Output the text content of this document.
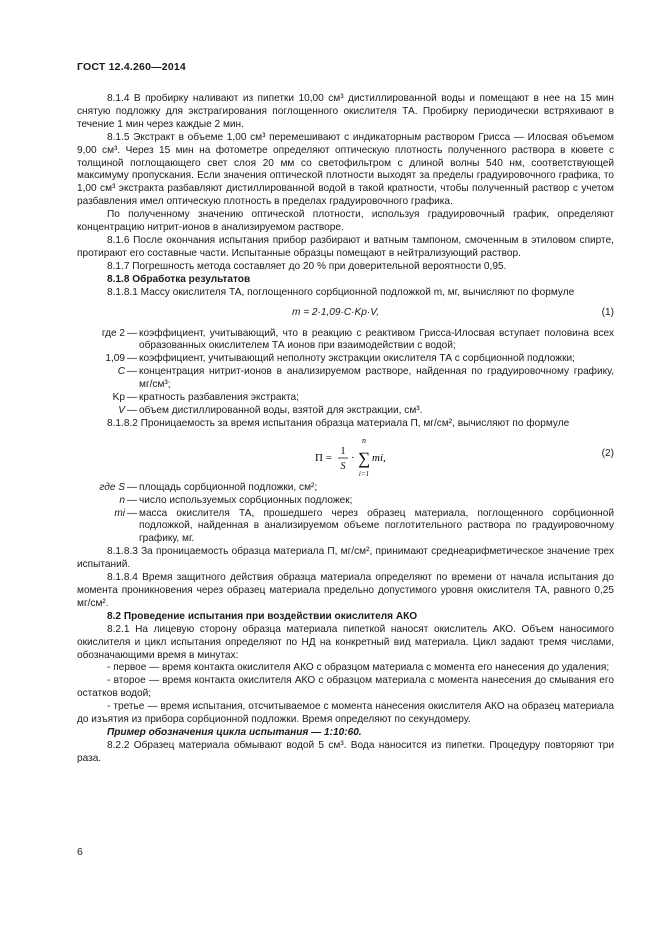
ГОСТ 12.4.260—2014

8.1.4 В пробирку наливают из пипетки 10,00 см³ дистиллированной воды и помещают в нее на 15 мин снятую подложку для экстрагирования поглощенного окислителя ТА. Пробирку периодически встряхивают в течение 1 мин через каждые 2 мин.

8.1.5 Экстракт в объеме 1,00 см³ перемешивают с индикаторным раствором Грисса — Илосвая объемом 9,00 см³. Через 15 мин на фотометре определяют оптическую плотность полученного раствора в кювете с толщиной поглощающего свет слоя 20 мм со светофильтром с длиной волны 540 нм, соответствующей максимуму пропускания. Если значения оптической плотности выходят за пределы градуировочного графика, то 1,00 см³ экстракта разбавляют дистиллированной водой в такой кратности, чтобы полученный раствор с учетом разбавления имел оптическую плотность в пределах градуировочного графика.

По полученному значению оптической плотности, используя градуировочный график, определяют концентрацию нитрит-ионов в анализируемом растворе.

8.1.6 После окончания испытания прибор разбирают и ватным тампоном, смоченным в этиловом спирте, протирают его составные части. Испытанные образцы помещают в нейтрализующий раствор.

8.1.7 Погрешность метода составляет до 20 % при доверительной вероятности 0,95.

8.1.8 Обработка результатов

8.1.8.1 Массу окислителя ТА, поглощенного сорбционной подложкой m, мг, вычисляют по формуле

m = 2·1,09·C·Kр·V,	(1)
где 2 — коэффициент, учитывающий, что в реакцию с реактивом Грисса-Илосвая вступает половина всех образованных окислителем ТА ионов при взаимодействии с водой;
1,09 — коэффициент, учитывающий неполноту экстракции окислителя ТА с сорбционной подложки;
C — концентрация нитрит-ионов в анализируемом растворе, найденная по градуировочному графику, мг/см³;
Kр — кратность разбавления экстракта;
V — объем дистиллированной воды, взятой для экстракции, см³.

8.1.8.2 Проницаемость за время испытания образца материала П, мг/см², вычисляют по формуле

П =
1
S
·
n
∑
i=1
mi,	(2)
где S — площадь сорбционной подложки, см²;
n — число используемых сорбционных подложек;
mi — масса окислителя ТА, прошедшего через образец материала, поглощенного сорбционной подложкой, найденная в анализируемом объеме поглотительного раствора по градуировочному графику, мг.

8.1.8.3 За проницаемость образца материала П, мг/см², принимают среднеарифметическое значение трех испытаний.

8.1.8.4 Время защитного действия образца материала определяют по времени от начала испытания до момента проникновения через образец материала предельно допустимого уровня окислителя ТА, равного 0,25 мг/см².

8.2 Проведение испытания при воздействии окислителя АКО

8.2.1 На лицевую сторону образца материала пипеткой наносят окислитель АКО. Объем наносимого окислителя и цикл испытания определяют по НД на конкретный вид материала. Цикл задают тремя числами, обозначающими время в минутах:

- первое — время контакта окислителя АКО с образцом материала с момента его нанесения до удаления;

- второе — время контакта окислителя АКО с образцом материала с момента нанесения до смывания его остатков водой;

- третье — время испытания, отсчитываемое с момента нанесения окислителя АКО на образец материала до изъятия из прибора сорбционной подложки. Время определяют по секундомеру.

Пример обозначения цикла испытания — 1:10:60.

8.2.2 Образец материала обмывают водой 5 см³. Вода наносится из пипетки. Процедуру повторяют три раза.

6
